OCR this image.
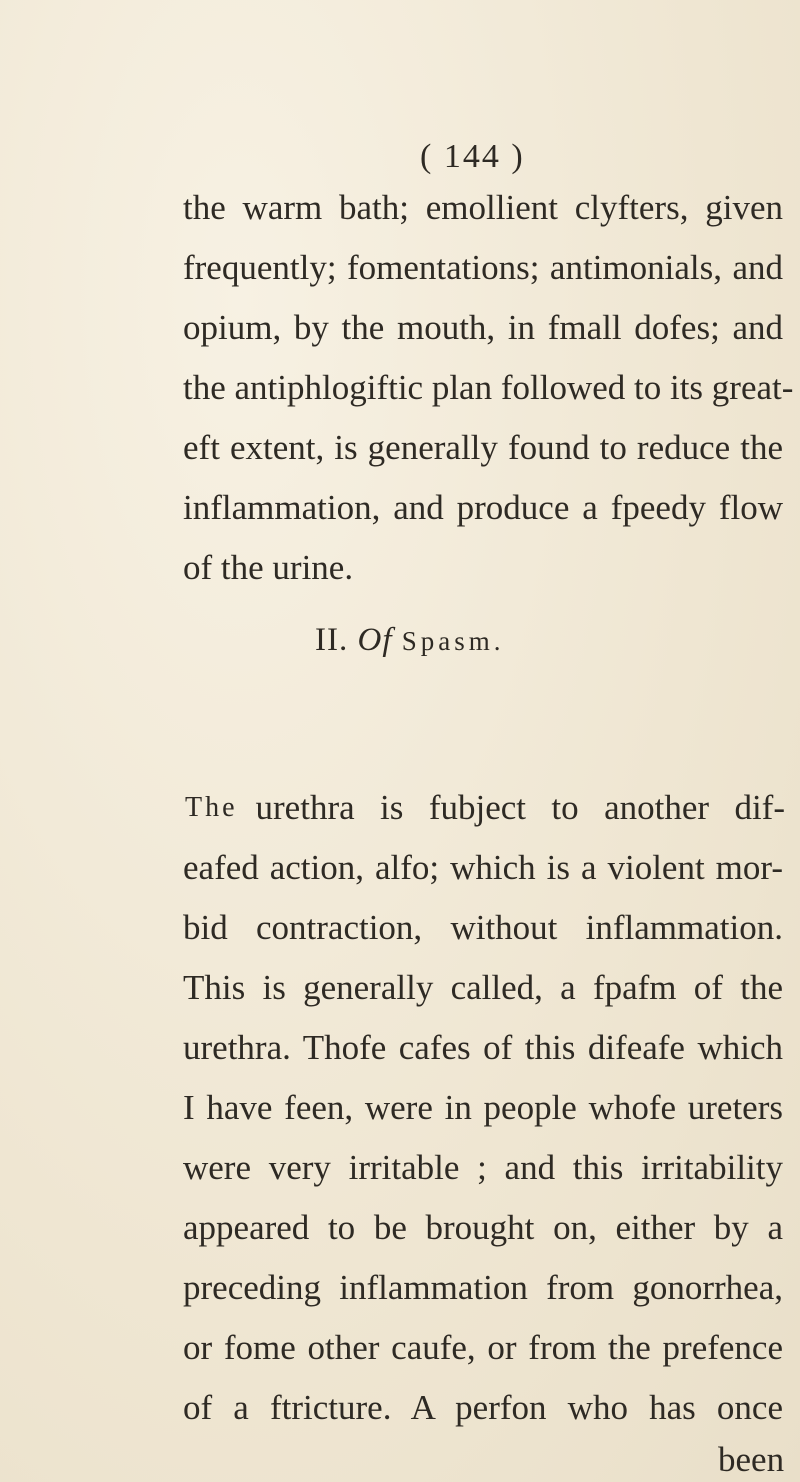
( 144 )
the warm bath; emollient clyfters, given
frequently; fomentations; antimonials, and
opium, by the mouth, in fmall dofes; and
the antiphlogiftic plan followed to its great-
eft extent, is generally found to reduce the
inflammation, and produce a fpeedy flow
of the urine.
II. Of Spasm.
The urethra is fubject to another dif-
eafed action, alfo; which is a violent mor-
bid contraction, without inflammation.
This is generally called, a fpafm of the
urethra. Thofe cafes of this difeafe which
I have feen, were in people whofe ureters
were very irritable ; and this irritability
appeared to be brought on, either by a
preceding inflammation from gonorrhea,
or fome other caufe, or from the prefence
of a ftricture. A perfon who has once
been
